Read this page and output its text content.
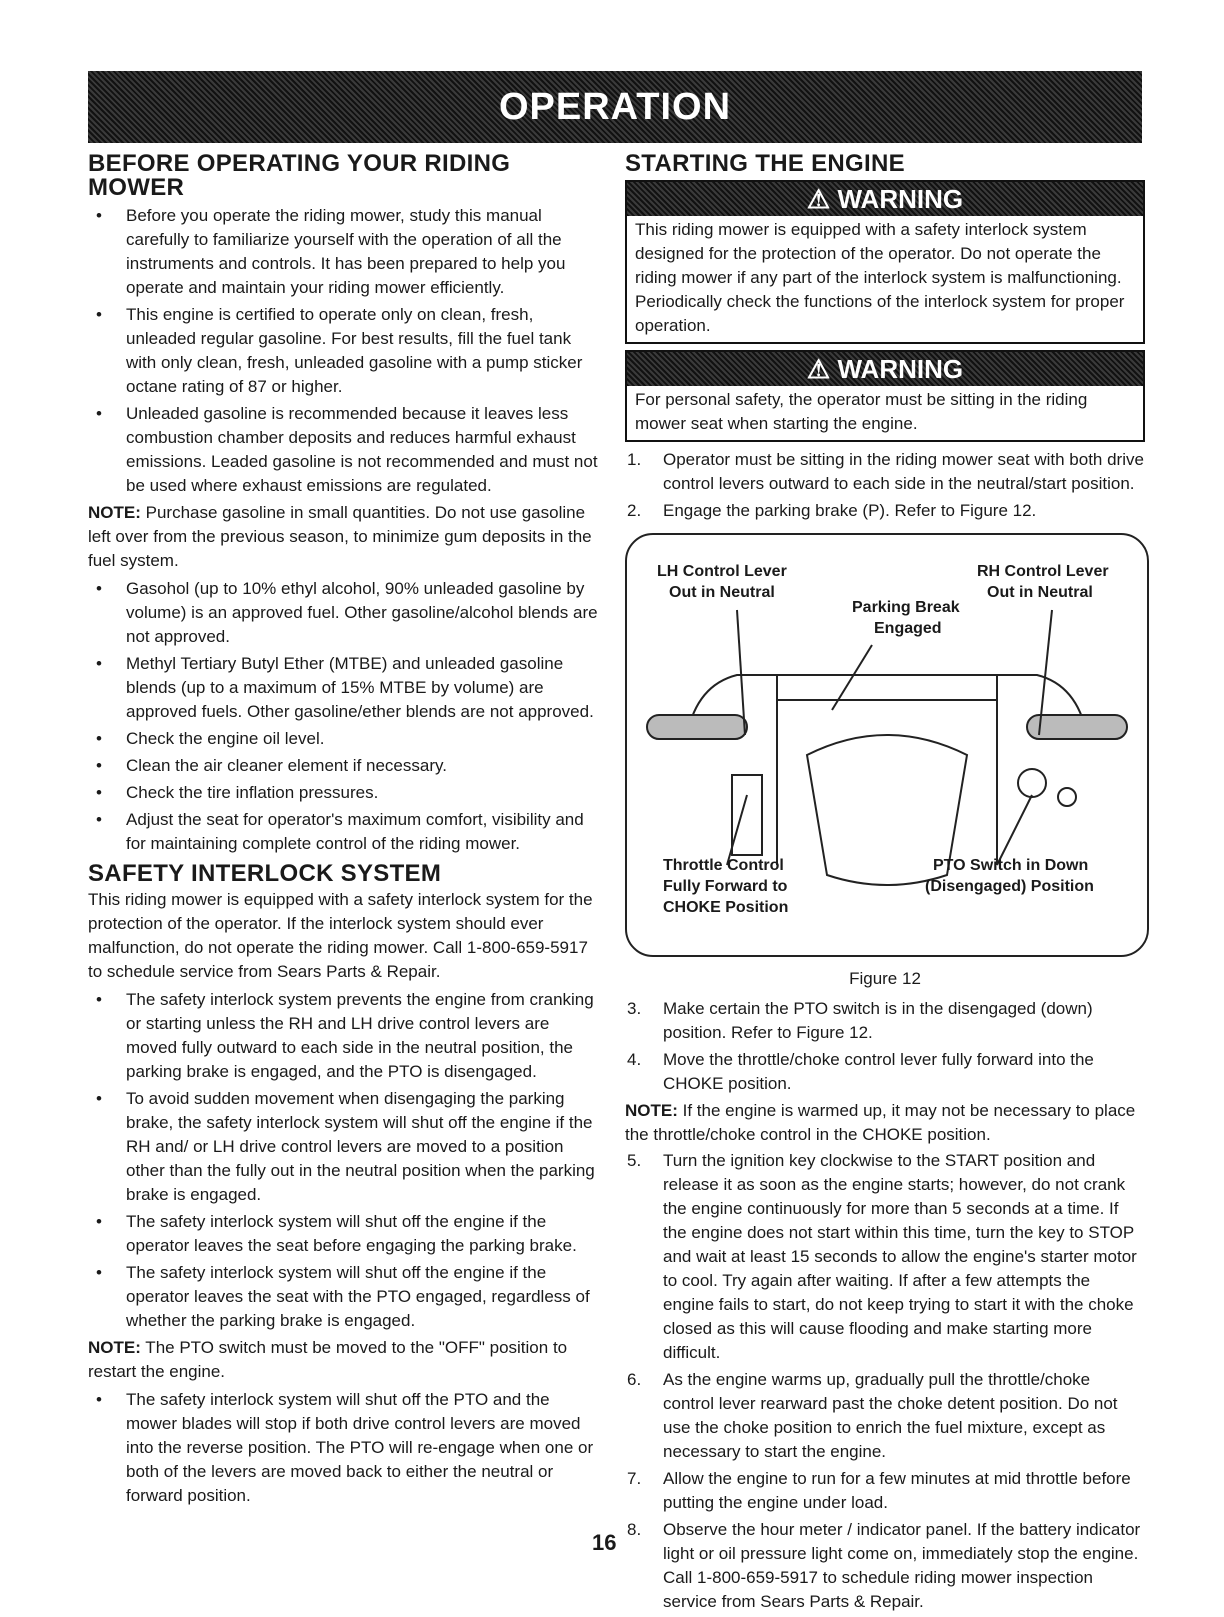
OPERATION
BEFORE OPERATING YOUR RIDING MOWER
• Before you operate the riding mower, study this manual carefully to familiarize yourself with the operation of all the instruments and controls. It has been prepared to help you operate and maintain your riding mower efficiently.
• This engine is certified to operate only on clean, fresh, unleaded regular gasoline. For best results, fill the fuel tank with only clean, fresh, unleaded gasoline with a pump sticker octane rating of 87 or higher.
• Unleaded gasoline is recommended because it leaves less combustion chamber deposits and reduces harmful exhaust emissions. Leaded gasoline is not recommended and must not be used where exhaust emissions are regulated.

NOTE: Purchase gasoline in small quantities. Do not use gasoline left over from the previous season, to minimize gum deposits in the fuel system.

• Gasohol (up to 10% ethyl alcohol, 90% unleaded gasoline by volume) is an approved fuel. Other gasoline/alcohol blends are not approved.
• Methyl Tertiary Butyl Ether (MTBE) and unleaded gasoline blends (up to a maximum of 15% MTBE by volume) are approved fuels. Other gasoline/ether blends are not approved.
• Check the engine oil level.
• Clean the air cleaner element if necessary.
• Check the tire inflation pressures.
• Adjust the seat for operator's maximum comfort, visibility and for maintaining complete control of the riding mower.
SAFETY INTERLOCK SYSTEM

This riding mower is equipped with a safety interlock system for the protection of the operator. If the interlock system should ever malfunction, do not operate the riding mower. Call 1-800-659-5917 to schedule service from Sears Parts & Repair.

• The safety interlock system prevents the engine from cranking or starting unless the RH and LH drive control levers are moved fully outward to each side in the neutral position, the parking brake is engaged, and the PTO is disengaged.
• To avoid sudden movement when disengaging the parking brake, the safety interlock system will shut off the engine if the RH and/ or LH drive control levers are moved to a position other than the fully out in the neutral position when the parking brake is engaged.
• The safety interlock system will shut off the engine if the operator leaves the seat before engaging the parking brake.
• The safety interlock system will shut off the engine if the operator leaves the seat with the PTO engaged, regardless of whether the parking brake is engaged.

NOTE: The PTO switch must be moved to the "OFF" position to restart the engine.

• The safety interlock system will shut off the PTO and the mower blades will stop if both drive control levers are moved into the reverse position. The PTO will re-engage when one or both of the levers are moved back to either the neutral or forward position.
STARTING THE ENGINE
⚠ WARNING
This riding mower is equipped with a safety interlock system designed for the protection of the operator. Do not operate the riding mower if any part of the interlock system is malfunctioning. Periodically check the functions of the interlock system for proper operation.
⚠ WARNING
For personal safety, the operator must be sitting in the riding mower seat when starting the engine.
1. Operator must be sitting in the riding mower seat with both drive control levers outward to each side in the neutral/start position.
2. Engage the parking brake (P). Refer to Figure 12.
LH Control Lever
Out in Neutral
RH Control Lever
Out in Neutral
Parking Break
Engaged
Throttle Control
Fully Forward to
CHOKE Position
PTO Switch in Down
(Disengaged) Position
Figure 12
3. Make certain the PTO switch is in the disengaged (down) position. Refer to Figure 12.
4. Move the throttle/choke control lever fully forward into the CHOKE position.

NOTE: If the engine is warmed up, it may not be necessary to place the throttle/choke control in the CHOKE position.

5. Turn the ignition key clockwise to the START position and release it as soon as the engine starts; however, do not crank the engine continuously for more than 5 seconds at a time. If the engine does not start within this time, turn the key to STOP and wait at least 15 seconds to allow the engine's starter motor to cool. Try again after waiting. If after a few attempts the engine fails to start, do not keep trying to start it with the choke closed as this will cause flooding and make starting more difficult.
6. As the engine warms up, gradually pull the throttle/choke control lever rearward past the choke detent position. Do not use the choke position to enrich the fuel mixture, except as necessary to start the engine.
7. Allow the engine to run for a few minutes at mid throttle before putting the engine under load.
8. Observe the hour meter / indicator panel. If the battery indicator light or oil pressure light come on, immediately stop the engine. Call 1-800-659-5917 to schedule riding mower inspection service from Sears Parts & Repair.
16
